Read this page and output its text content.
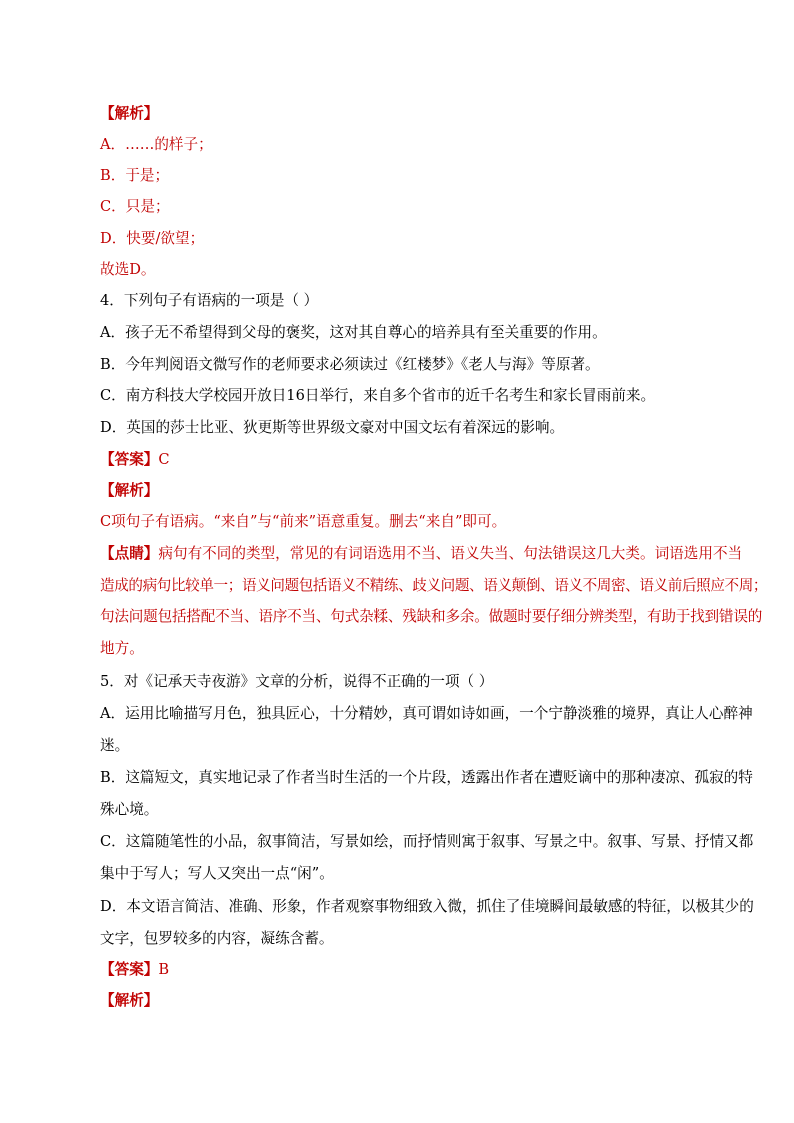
【解析】
A．……的样子；
B．于是；
C．只是；
D．快要/欲望；
故选D。
4．下列句子有语病的一项是（ ）
A．孩子无不希望得到父母的褒奖，这对其自尊心的培养具有至关重要的作用。
B．今年判阅语文微写作的老师要求必须读过《红楼梦》《老人与海》等原著。
C．南方科技大学校园开放日16日举行，来自多个省市的近千名考生和家长冒雨前来。
D．英国的莎士比亚、狄更斯等世界级文豪对中国文坛有着深远的影响。
【答案】C
【解析】
C项句子有语病。“来自”与“前来”语意重复。删去“来自”即可。
【点睛】病句有不同的类型，常见的有词语选用不当、语义失当、句法错误这几大类。词语选用不当
造成的病句比较单一；语义问题包括语义不精练、歧义问题、语义颠倒、语义不周密、语义前后照应不周；
句法问题包括搭配不当、语序不当、句式杂糅、残缺和多余。做题时要仔细分辨类型，有助于找到错误的
地方。
5．对《记承天寺夜游》文章的分析，说得不正确的一项（ ）
A．运用比喻描写月色，独具匠心，十分精妙，真可谓如诗如画，一个宁静淡雅的境界，真让人心醉神
迷。
B．这篇短文，真实地记录了作者当时生活的一个片段，透露出作者在遭贬谪中的那种凄凉、孤寂的特
殊心境。
C．这篇随笔性的小品，叙事简洁，写景如绘，而抒情则寓于叙事、写景之中。叙事、写景、抒情又都
集中于写人；写人又突出一点“闲”。
D．本文语言简洁、准确、形象，作者观察事物细致入微，抓住了佳境瞬间最敏感的特征，以极其少的
文字，包罗较多的内容，凝练含蓄。
【答案】B
【解析】
